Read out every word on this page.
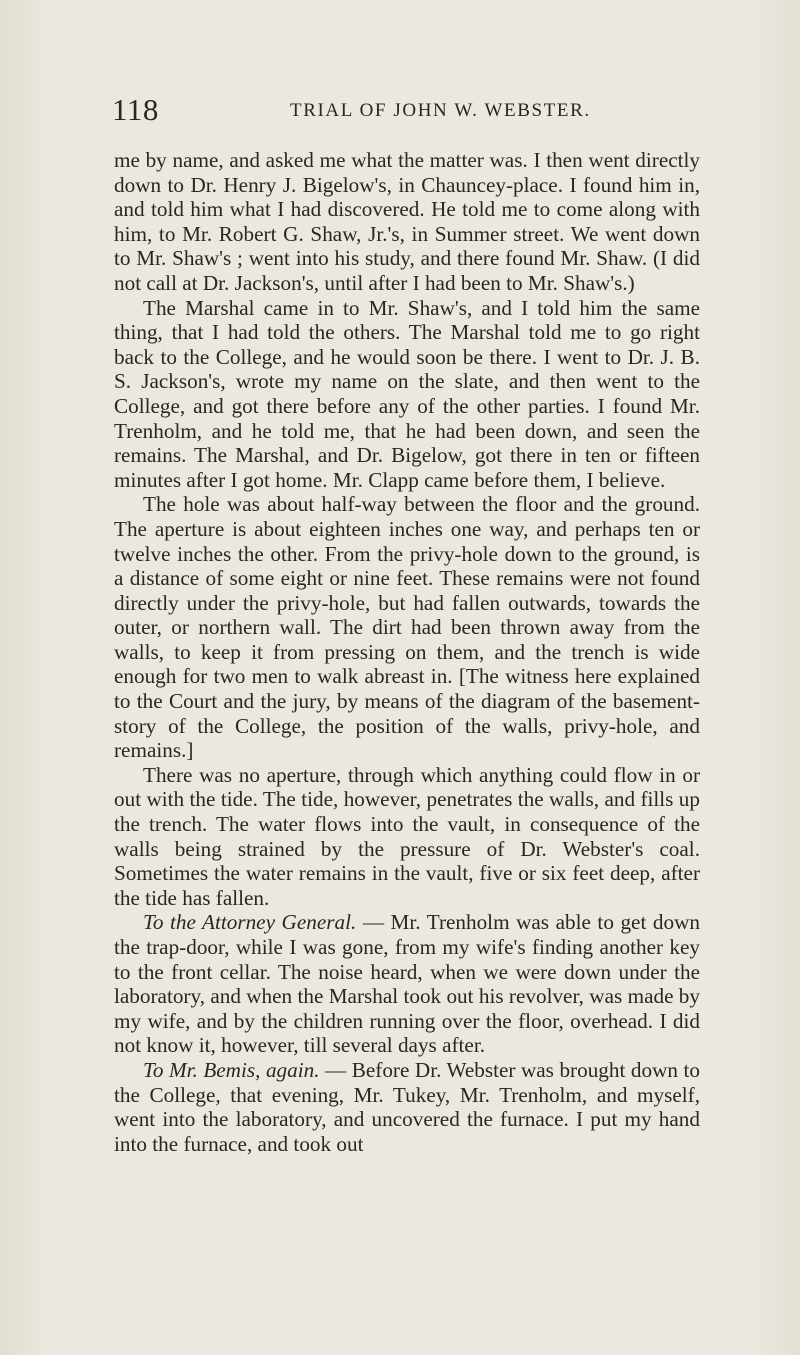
118	TRIAL OF JOHN W. WEBSTER.

me by name, and asked me what the matter was. I then went directly down to Dr. Henry J. Bigelow's, in Chauncey-place. I found him in, and told him what I had discovered. He told me to come along with him, to Mr. Robert G. Shaw, Jr.'s, in Summer street. We went down to Mr. Shaw's ; went into his study, and there found Mr. Shaw. (I did not call at Dr. Jackson's, until after I had been to Mr. Shaw's.)

The Marshal came in to Mr. Shaw's, and I told him the same thing, that I had told the others. The Marshal told me to go right back to the College, and he would soon be there. I went to Dr. J. B. S. Jackson's, wrote my name on the slate, and then went to the College, and got there before any of the other parties. I found Mr. Trenholm, and he told me, that he had been down, and seen the remains. The Marshal, and Dr. Bigelow, got there in ten or fifteen minutes after I got home. Mr. Clapp came before them, I believe.

The hole was about half-way between the floor and the ground. The aperture is about eighteen inches one way, and perhaps ten or twelve inches the other. From the privy-hole down to the ground, is a distance of some eight or nine feet. These remains were not found directly under the privy-hole, but had fallen outwards, towards the outer, or northern wall. The dirt had been thrown away from the walls, to keep it from pressing on them, and the trench is wide enough for two men to walk abreast in. [The witness here explained to the Court and the jury, by means of the diagram of the basement-story of the College, the position of the walls, privy-hole, and remains.]

There was no aperture, through which anything could flow in or out with the tide. The tide, however, penetrates the walls, and fills up the trench. The water flows into the vault, in consequence of the walls being strained by the pressure of Dr. Webster's coal. Sometimes the water remains in the vault, five or six feet deep, after the tide has fallen.

To the Attorney General. — Mr. Trenholm was able to get down the trap-door, while I was gone, from my wife's finding another key to the front cellar. The noise heard, when we were down under the laboratory, and when the Marshal took out his revolver, was made by my wife, and by the children running over the floor, overhead. I did not know it, however, till several days after.

To Mr. Bemis, again. — Before Dr. Webster was brought down to the College, that evening, Mr. Tukey, Mr. Trenholm, and myself, went into the laboratory, and uncovered the furnace. I put my hand into the furnace, and took out
